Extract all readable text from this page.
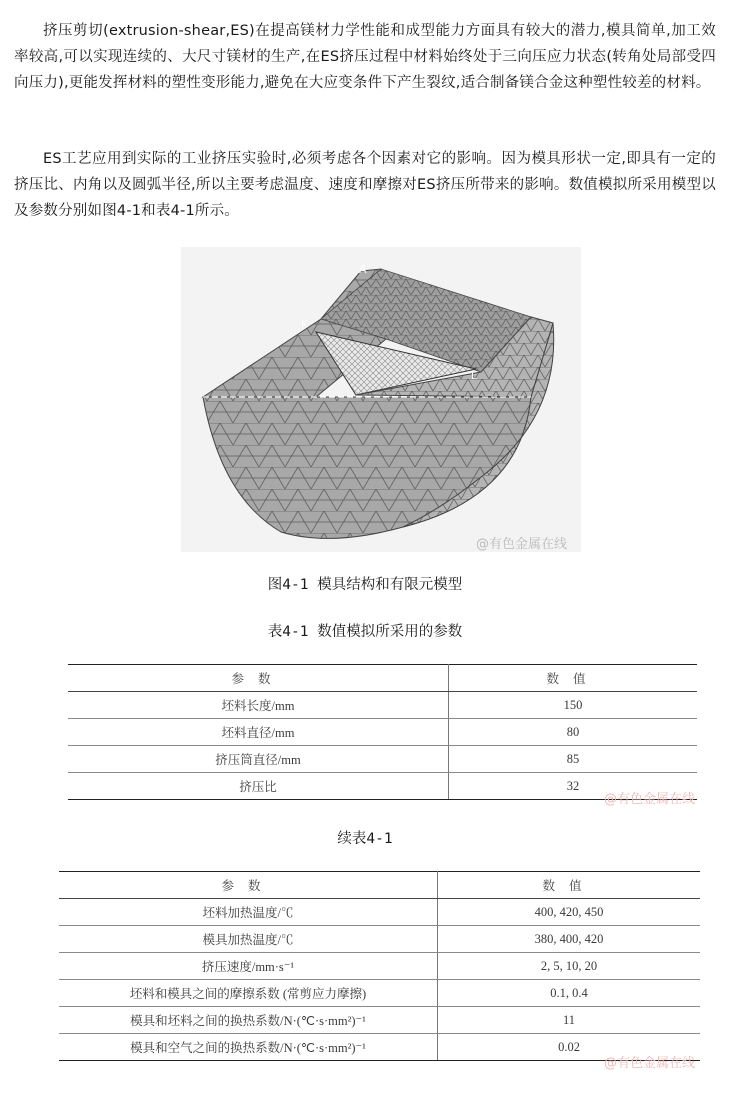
挤压剪切(extrusion-shear,ES)在提高镁材力学性能和成型能力方面具有较大的潜力,模具简单,加工效率较高,可以实现连续的、大尺寸镁材的生产,在ES挤压过程中材料始终处于三向压应力状态(转角处局部受四向压力),更能发挥材料的塑性变形能力,避免在大应变条件下产生裂纹,适合制备镁合金这种塑性较差的材料。

ES工艺应用到实际的工业挤压实验时,必须考虑各个因素对它的影响。因为模具形状一定,即具有一定的挤压比、内角以及圆弧半径,所以主要考虑温度、速度和摩擦对ES挤压所带来的影响。数值模拟所采用模型以及参数分别如图4-1和表4-1所示。

A
·K
L
@有色金属在线
图4-1 模具结构和有限元模型
表4-1 数值模拟所采用的参数
参数	数值
坯料长度/mm	150
坯料直径/mm	80
挤压筒直径/mm	85
挤压比	32
@有色金属在线
续表4-1
参数	数值
坯料加热温度/℃	400, 420, 450
模具加热温度/℃	380, 400, 420
挤压速度/mm·s⁻¹	2, 5, 10, 20
坯料和模具之间的摩擦系数 (常剪应力摩擦)	0.1, 0.4
模具和坯料之间的换热系数/N·(℃·s·mm²)⁻¹	11
模具和空气之间的换热系数/N·(℃·s·mm²)⁻¹	0.02
@有色金属在线
